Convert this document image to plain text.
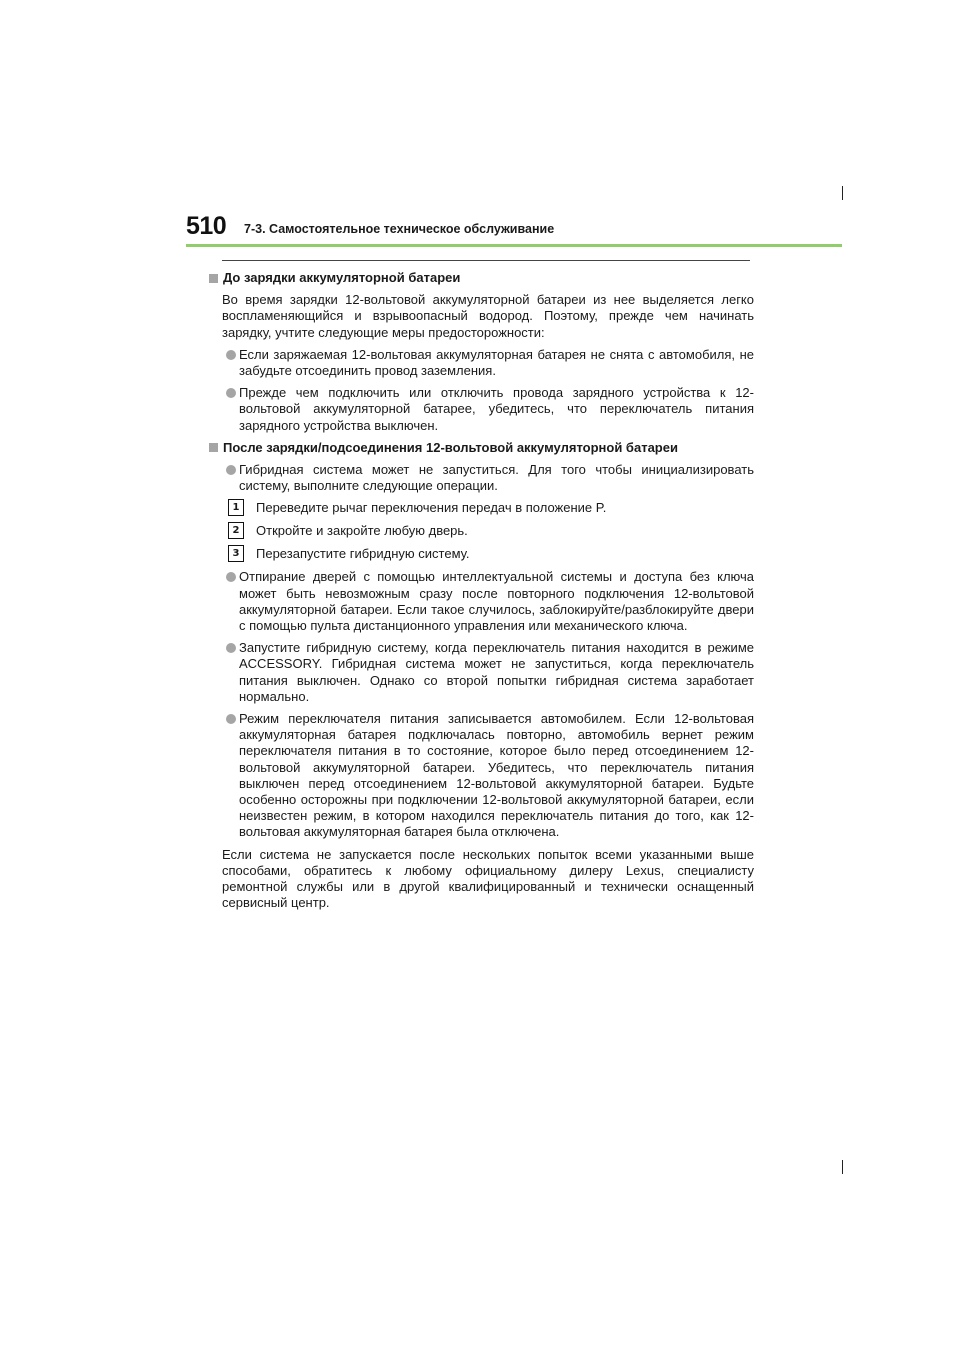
510 7-3. Самостоятельное техническое обслуживание
До зарядки аккумуляторной батареи

Во время зарядки 12-вольтовой аккумуляторной батареи из нее выделяется легко воспламеняющийся и взрывоопасный водород. Поэтому, прежде чем начинать зарядку, учтите следующие меры предосторожности:

Если заряжаемая 12-вольтовая аккумуляторная батарея не снята с автомобиля, не забудьте отсоединить провод заземления.
Прежде чем подключить или отключить провода зарядного устройства к 12-вольтовой аккумуляторной батарее, убедитесь, что переключатель питания зарядного устройства выключен.
После зарядки/подсоединения 12-вольтовой аккумуляторной батареи
Гибридная система может не запуститься. Для того чтобы инициализировать систему, выполните следующие операции.
1	Переведите рычаг переключения передач в положение P.
2	Откройте и закройте любую дверь.
3	Перезапустите гибридную систему.
Отпирание дверей с помощью интеллектуальной системы и доступа без ключа может быть невозможным сразу после повторного подключения 12-вольтовой аккумуляторной батареи. Если такое случилось, заблокируйте/разблокируйте двери с помощью пульта дистанционного управления или механического ключа.
Запустите гибридную систему, когда переключатель питания находится в режиме ACCESSORY. Гибридная система может не запуститься, когда переключатель питания выключен. Однако со второй попытки гибридная система заработает нормально.
Режим переключателя питания записывается автомобилем. Если 12-вольтовая аккумуляторная батарея подключалась повторно, автомобиль вернет режим переключателя питания в то состояние, которое было перед отсоединением 12-вольтовой аккумуляторной батареи. Убедитесь, что переключатель питания выключен перед отсоединением 12-вольтовой аккумуляторной батареи. Будьте особенно осторожны при подключении 12-вольтовой аккумуляторной батареи, если неизвестен режим, в котором находился переключатель питания до того, как 12-вольтовая аккумуляторная батарея была отключена.

Если система не запускается после нескольких попыток всеми указанными выше способами, обратитесь к любому официальному дилеру Lexus, специалисту ремонтной службы или в другой квалифицированный и технически оснащенный сервисный центр.
